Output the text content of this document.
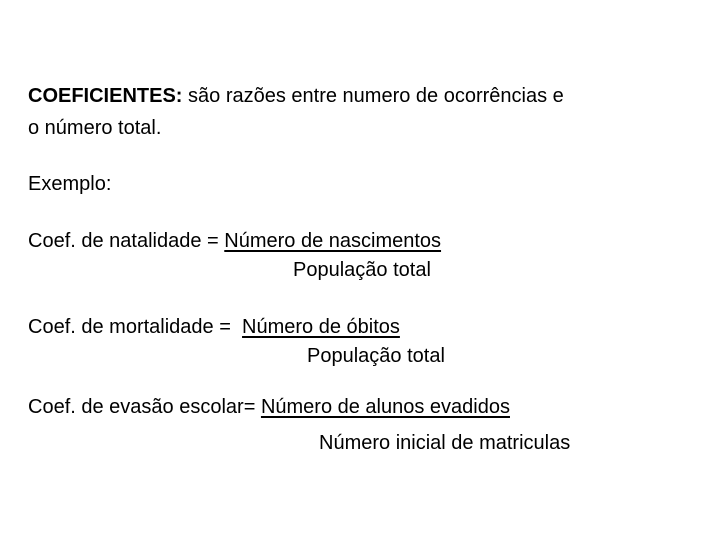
COEFICIENTES: são razões entre numero de ocorrências e
o número total.
Exemplo:
Coef. de natalidade = Número de nascimentos
População total
Coef. de mortalidade =  Número de óbitos
População total
Coef. de evasão escolar= Número de alunos evadidos
Número inicial de matriculas
